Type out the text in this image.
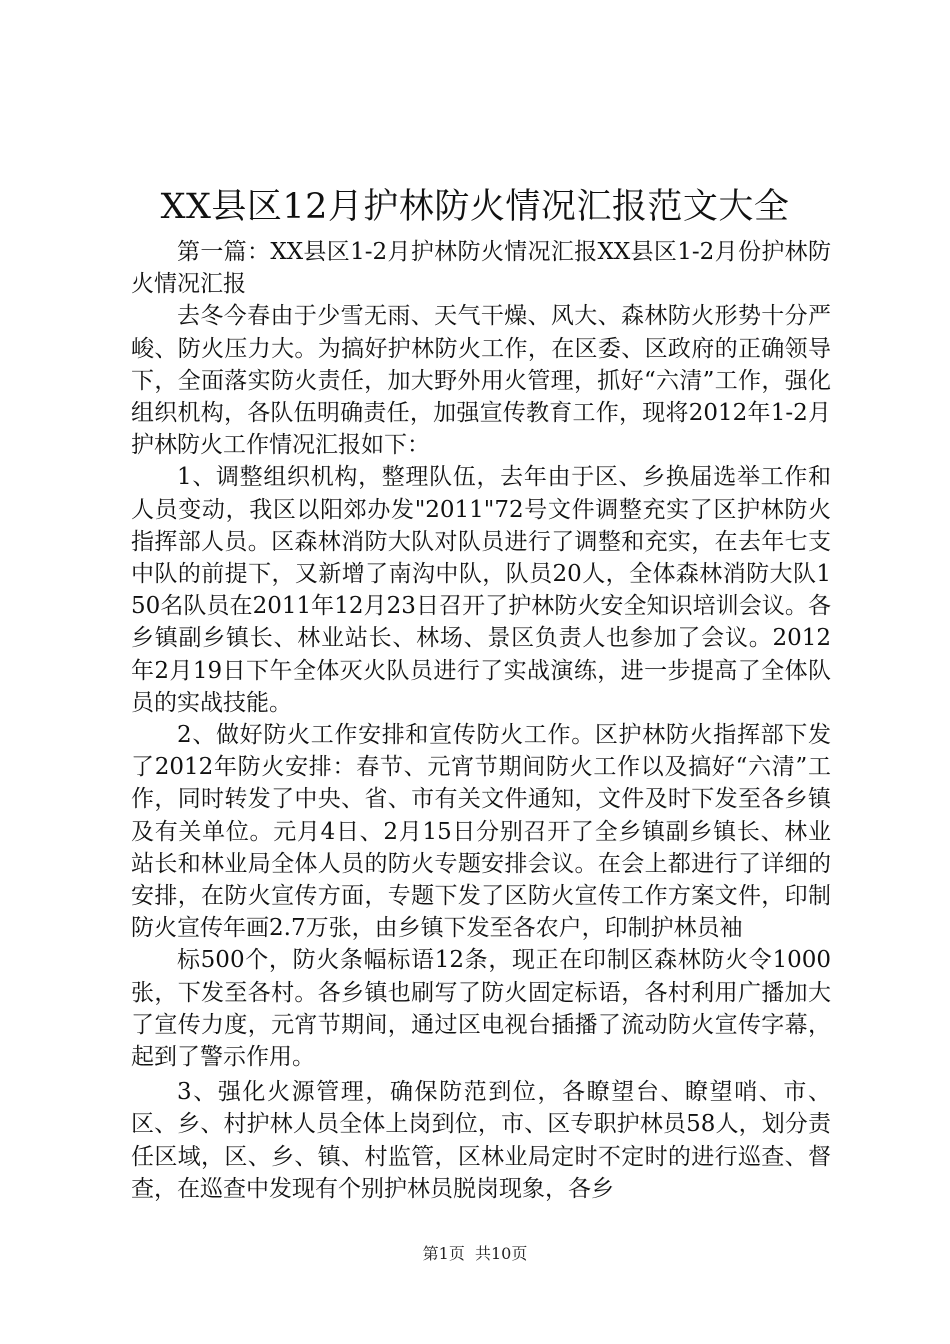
XX县区12月护林防火情况汇报范文大全

第一篇：XX县区1-2月护林防火情况汇报XX县区1-2月份护林防火情况汇报

去冬今春由于少雪无雨、天气干燥、风大、森林防火形势十分严峻、防火压力大。为搞好护林防火工作，在区委、区政府的正确领导下，全面落实防火责任，加大野外用火管理，抓好“六清”工作，强化组织机构，各队伍明确责任，加强宣传教育工作，现将2012年1-2月护林防火工作情况汇报如下：

1、调整组织机构，整理队伍，去年由于区、乡换届选举工作和人员变动，我区以阳郊办发"2011"72号文件调整充实了区护林防火指挥部人员。区森林消防大队对队员进行了调整和充实，在去年七支中队的前提下，又新增了南沟中队，队员20人，全体森林消防大队150名队员在2011年12月23日召开了护林防火安全知识培训会议。各乡镇副乡镇长、林业站长、林场、景区负责人也参加了会议。2012年2月19日下午全体灭火队员进行了实战演练，进一步提高了全体队员的实战技能。

2、做好防火工作安排和宣传防火工作。区护林防火指挥部下发了2012年防火安排：春节、元宵节期间防火工作以及搞好“六清”工作，同时转发了中央、省、市有关文件通知，文件及时下发至各乡镇及有关单位。元月4日、2月15日分别召开了全乡镇副乡镇长、林业站长和林业局全体人员的防火专题安排会议。在会上都进行了详细的安排，在防火宣传方面，专题下发了区防火宣传工作方案文件，印制防火宣传年画2.7万张，由乡镇下发至各农户，印制护林员袖

标500个，防火条幅标语12条，现正在印制区森林防火令1000张，下发至各村。各乡镇也刷写了防火固定标语，各村利用广播加大了宣传力度，元宵节期间，通过区电视台插播了流动防火宣传字幕，起到了警示作用。

3、强化火源管理，确保防范到位，各瞭望台、瞭望哨、市、区、乡、村护林人员全体上岗到位，市、区专职护林员58人，划分责任区域，区、乡、镇、村监管，区林业局定时不定时的进行巡查、督查，在巡查中发现有个别护林员脱岗现象，各乡

第1页  共10页
